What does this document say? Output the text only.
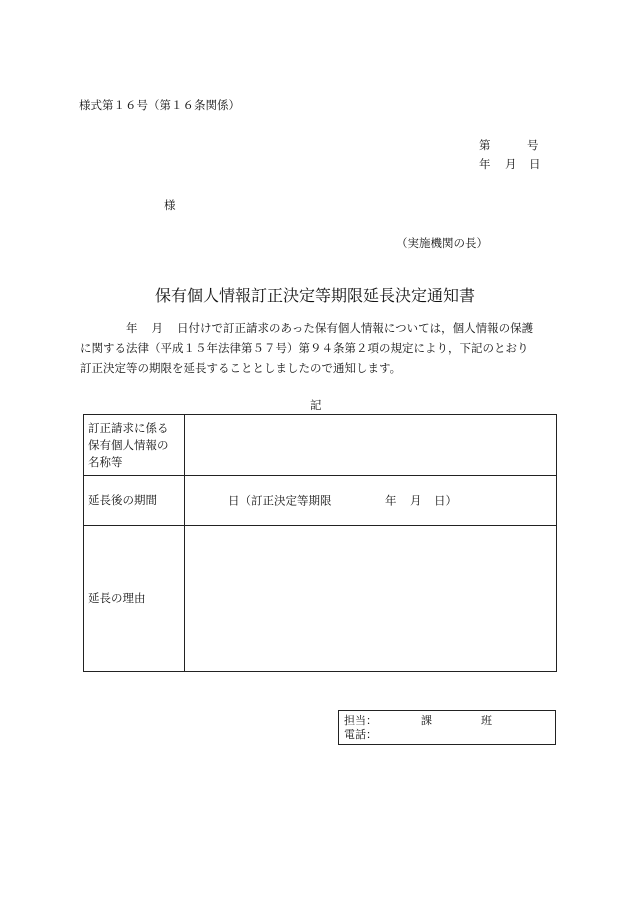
様式第１６号（第１６条関係）
第	号
年 月 日
様
（実施機関の長）
保有個人情報訂正決定等期限延長決定通知書
年 月 日付けで訂正請求のあった保有個人情報については，個人情報の保護
に関する法律（平成１５年法律第５７号）第９４条第２項の規定により，下記のとおり
訂正決定等の期限を延長することとしましたので通知します。
記
訂正請求に係る
保有個人情報の
名称等	

延長後の期間	日（訂正決定等期限 年 月 日）

延長の理由	
担当：	課	班
電話：
